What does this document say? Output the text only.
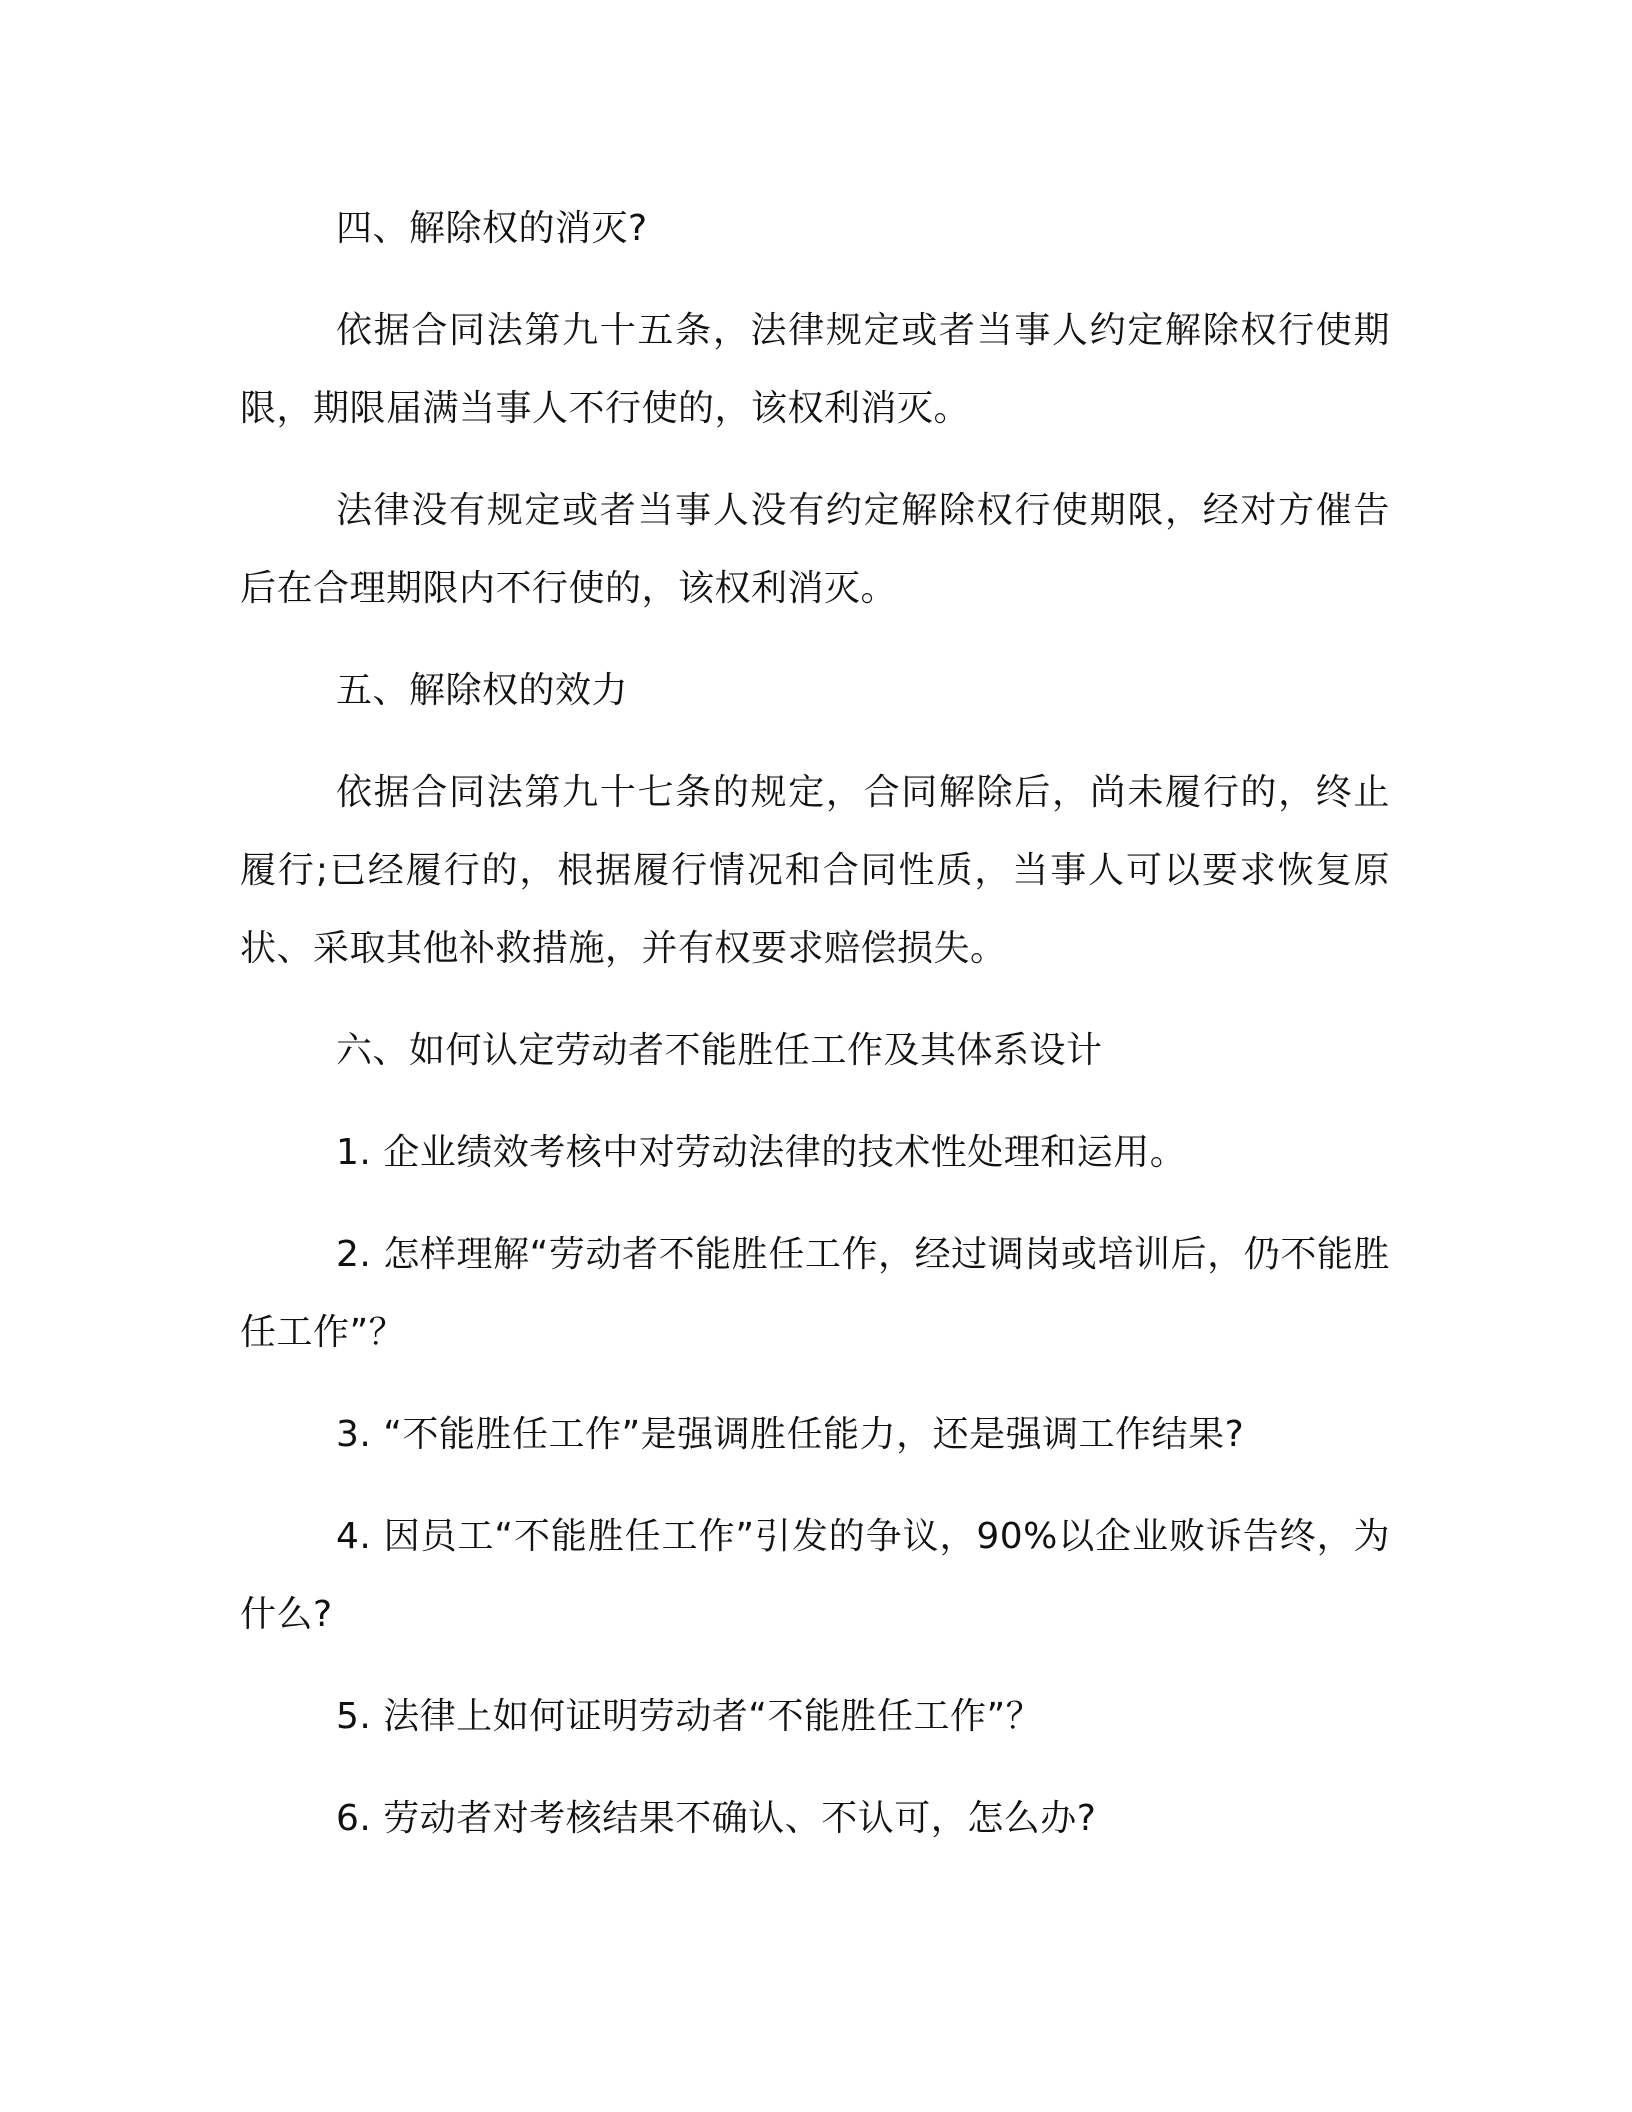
四、解除权的消灭?

依据合同法第九十五条，法律规定或者当事人约定解除权行使期限，期限届满当事人不行使的，该权利消灭。

法律没有规定或者当事人没有约定解除权行使期限，经对方催告后在合理期限内不行使的，该权利消灭。

五、解除权的效力

依据合同法第九十七条的规定，合同解除后，尚未履行的，终止履行;已经履行的，根据履行情况和合同性质，当事人可以要求恢复原状、采取其他补救措施，并有权要求赔偿损失。

六、如何认定劳动者不能胜任工作及其体系设计

1. 企业绩效考核中对劳动法律的技术性处理和运用。

2. 怎样理解“劳动者不能胜任工作，经过调岗或培训后，仍不能胜任工作”？

3. “不能胜任工作”是强调胜任能力，还是强调工作结果?

4. 因员工“不能胜任工作”引发的争议，90%以企业败诉告终，为什么?

5. 法律上如何证明劳动者“不能胜任工作”？

6. 劳动者对考核结果不确认、不认可，怎么办?
